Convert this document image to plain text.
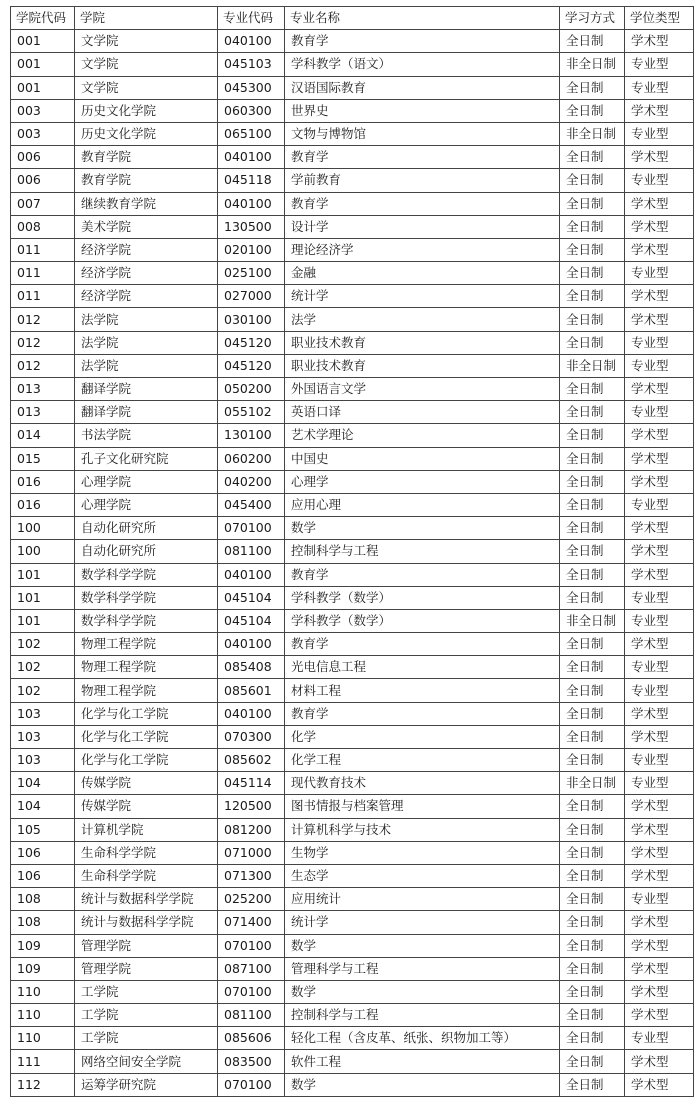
学院代码	学院	专业代码	专业名称	学习方式	学位类型
001	文学院	040100	教育学	全日制	学术型
001	文学院	045103	学科教学（语文）	非全日制	专业型
001	文学院	045300	汉语国际教育	全日制	专业型
003	历史文化学院	060300	世界史	全日制	学术型
003	历史文化学院	065100	文物与博物馆	非全日制	专业型
006	教育学院	040100	教育学	全日制	学术型
006	教育学院	045118	学前教育	全日制	专业型
007	继续教育学院	040100	教育学	全日制	学术型
008	美术学院	130500	设计学	全日制	学术型
011	经济学院	020100	理论经济学	全日制	学术型
011	经济学院	025100	金融	全日制	专业型
011	经济学院	027000	统计学	全日制	学术型
012	法学院	030100	法学	全日制	学术型
012	法学院	045120	职业技术教育	全日制	专业型
012	法学院	045120	职业技术教育	非全日制	专业型
013	翻译学院	050200	外国语言文学	全日制	学术型
013	翻译学院	055102	英语口译	全日制	专业型
014	书法学院	130100	艺术学理论	全日制	学术型
015	孔子文化研究院	060200	中国史	全日制	学术型
016	心理学院	040200	心理学	全日制	学术型
016	心理学院	045400	应用心理	全日制	专业型
100	自动化研究所	070100	数学	全日制	学术型
100	自动化研究所	081100	控制科学与工程	全日制	学术型
101	数学科学学院	040100	教育学	全日制	学术型
101	数学科学学院	045104	学科教学（数学）	全日制	专业型
101	数学科学学院	045104	学科教学（数学）	非全日制	专业型
102	物理工程学院	040100	教育学	全日制	学术型
102	物理工程学院	085408	光电信息工程	全日制	专业型
102	物理工程学院	085601	材料工程	全日制	专业型
103	化学与化工学院	040100	教育学	全日制	学术型
103	化学与化工学院	070300	化学	全日制	学术型
103	化学与化工学院	085602	化学工程	全日制	专业型
104	传媒学院	045114	现代教育技术	非全日制	专业型
104	传媒学院	120500	图书情报与档案管理	全日制	学术型
105	计算机学院	081200	计算机科学与技术	全日制	学术型
106	生命科学学院	071000	生物学	全日制	学术型
106	生命科学学院	071300	生态学	全日制	学术型
108	统计与数据科学学院	025200	应用统计	全日制	专业型
108	统计与数据科学学院	071400	统计学	全日制	学术型
109	管理学院	070100	数学	全日制	学术型
109	管理学院	087100	管理科学与工程	全日制	学术型
110	工学院	070100	数学	全日制	学术型
110	工学院	081100	控制科学与工程	全日制	学术型
110	工学院	085606	轻化工程（含皮革、纸张、织物加工等）	全日制	专业型
111	网络空间安全学院	083500	软件工程	全日制	学术型
112	运筹学研究院	070100	数学	全日制	学术型
